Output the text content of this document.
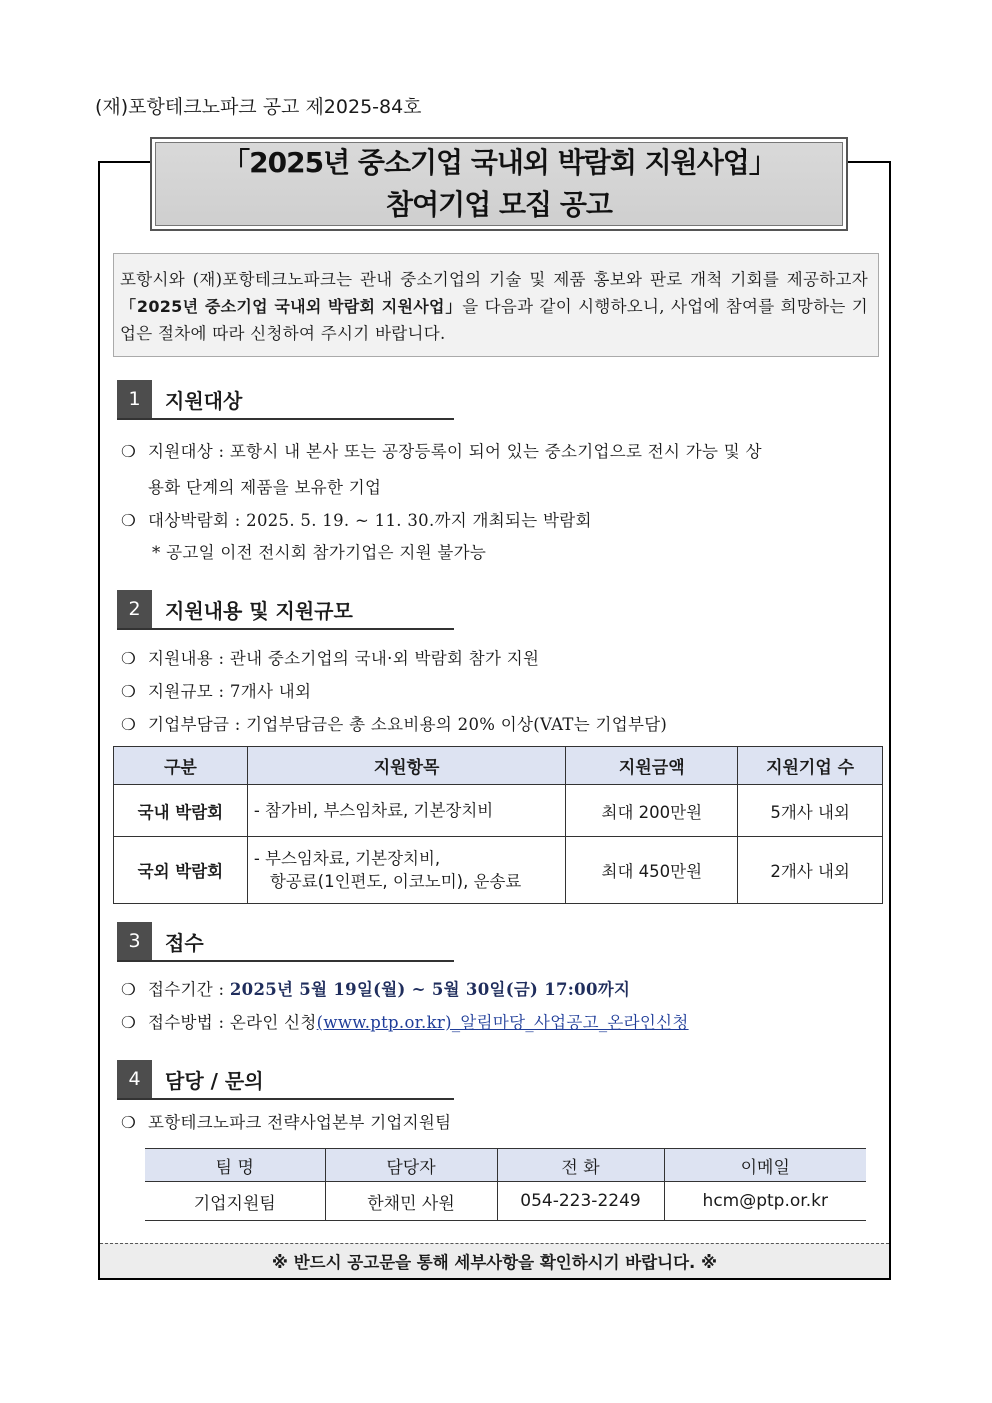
(재)포항테크노파크 공고 제2025-84호
「2025년 중소기업 국내외 박람회 지원사업」
참여기업 모집 공고
포항시와 (재)포항테크노파크는 관내 중소기업의 기술 및 제품 홍보와 판로 개척 기회를 제공하고자 「2025년 중소기업 국내외 박람회 지원사업」을 다음과 같이 시행하오니, 사업에 참여를 희망하는 기업은 절차에 따라 신청하여 주시기 바랍니다.
1	지원대상
❍ 지원대상 : 포항시 내 본사 또는 공장등록이 되어 있는 중소기업으로 전시 가능 및 상
용화 단계의 제품을 보유한 기업
❍ 대상박람회 : 2025. 5. 19. ~ 11. 30.까지 개최되는 박람회
* 공고일 이전 전시회 참가기업은 지원 불가능
2	지원내용 및 지원규모
❍ 지원내용 : 관내 중소기업의 국내·외 박람회 참가 지원
❍ 지원규모 : 7개사 내외
❍ 기업부담금 : 기업부담금은 총 소요비용의 20% 이상(VAT는 기업부담)
구분	지원항목	지원금액	지원기업 수
국내 박람회	- 참가비, 부스임차료, 기본장치비	최대 200만원	5개사 내외
국외 박람회	- 부스임차료, 기본장치비,
항공료(1인편도, 이코노미), 운송료	최대 450만원	2개사 내외
3	접수
❍ 접수기간 : 2025년 5월 19일(월) ~ 5월 30일(금) 17:00까지
❍ 접수방법 : 온라인 신청(www.ptp.or.kr)_알림마당_사업공고_온라인신청
4	담당 / 문의
❍ 포항테크노파크 전략사업본부 기업지원팀
팀 명	담당자	전 화	이메일
기업지원팀	한채민 사원	054-223-2249	hcm@ptp.or.kr
※ 반드시 공고문을 통해 세부사항을 확인하시기 바랍니다. ※
